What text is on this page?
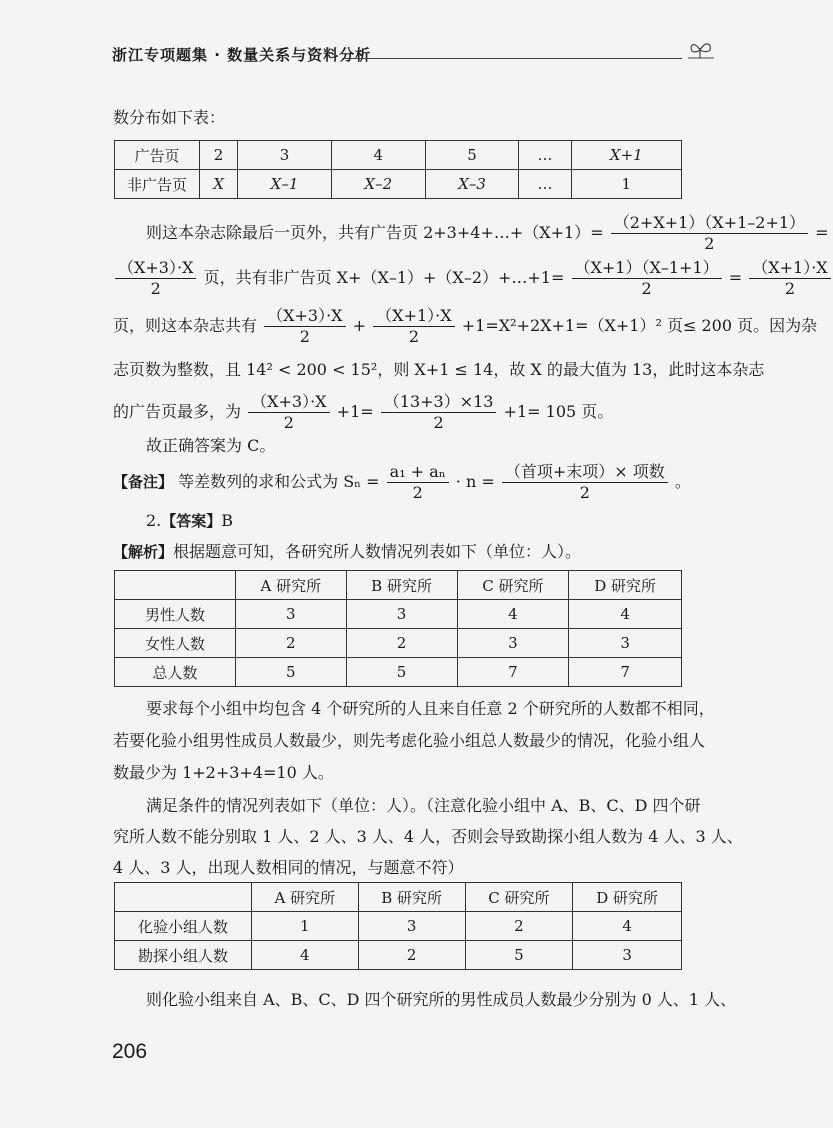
浙江专项题集 · 数量关系与资料分析
数分布如下表：
广告页	2	3	4	5	…	X+1
非广告页	X	X–1	X–2	X–3	…	1
则这本杂志除最后一页外，共有广告页 2+3+4+…+（X+1）= $\frac{(2+X+1)(X+1-2+1)}{2}$ =
$\frac{(X+3)\cdot X}{2}$ 页，共有非广告页 X+（X–1）+（X–2）+…+1= $\frac{(X+1)(X-1+1)}{2} = \frac{(X+1)\cdot X}{2}$
页，则这本杂志共有 $\frac{(X+3)\cdot X}{2} + \frac{(X+1)\cdot X}{2} +1=X^2+2X+1=(X+1)^2$ 页≤ 200 页。因为杂
志页数为整数，且 14² < 200 < 15²，则 X+1 ≤ 14，故 X 的最大值为 13，此时这本杂志
的广告页最多，为 $\frac{(X+3)\cdot X}{2} +1= \frac{(13+3)\times 13}{2} +1= 105$ 页。
故正确答案为 C。
【备注】 等差数列的求和公式为 $S_n = \frac{\text{a₁ + aₙ}}{2} \cdot n = \frac{\text{（首项+末项）× 项数}}{2}$ 。
2.【答案】B
【解析】根据题意可知，各研究所人数情况列表如下（单位：人）。
	A 研究所	B 研究所	C 研究所	D 研究所
男性人数	3	3	4	4
女性人数	2	2	3	3
总人数	5	5	7	7
要求每个小组中均包含 4 个研究所的人且来自任意 2 个研究所的人数都不相同，
若要化验小组男性成员人数最少，则先考虑化验小组总人数最少的情况，化验小组人
数最少为 1+2+3+4=10 人。
满足条件的情况列表如下（单位：人）。（注意化验小组中 A、B、C、D 四个研
究所人数不能分别取 1 人、2 人、3 人、4 人，否则会导致勘探小组人数为 4 人、3 人、
4 人、3 人，出现人数相同的情况，与题意不符）
	A 研究所	B 研究所	C 研究所	D 研究所
化验小组人数	1	3	2	4
勘探小组人数	4	2	5	3
则化验小组来自 A、B、C、D 四个研究所的男性成员人数最少分别为 0 人、1 人、
206
